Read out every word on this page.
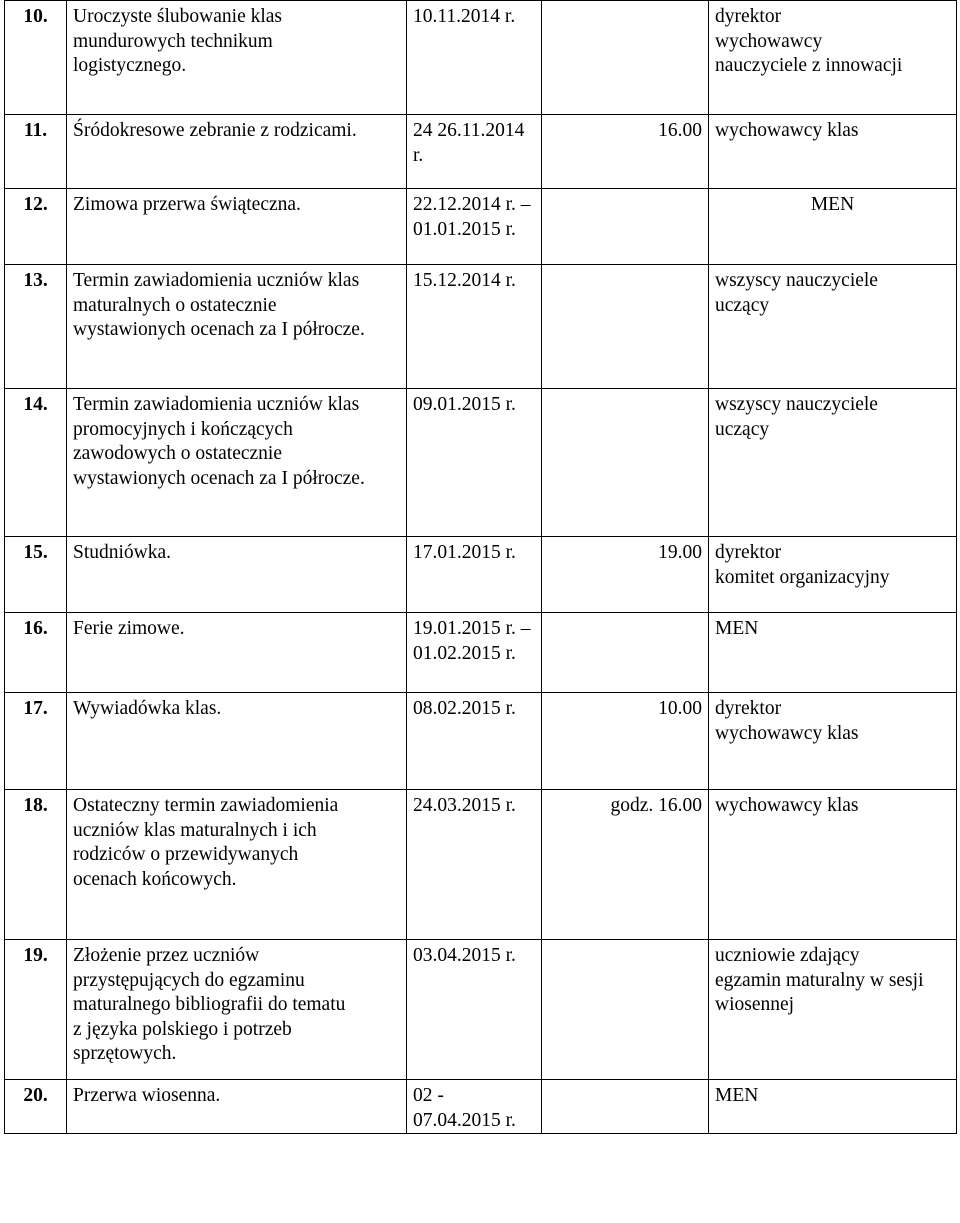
10.	Uroczyste ślubowanie klas
mundurowych technikum
logistycznego.	10.11.2014 r.		dyrektor
wychowawcy
nauczyciele z innowacji
11.	Śródokresowe zebranie z rodzicami.	24 26.11.2014 r.	16.00	wychowawcy klas
12.	Zimowa przerwa świąteczna.	22.12.2014 r. –
01.01.2015 r.		MEN
13.	Termin zawiadomienia uczniów klas
maturalnych o ostatecznie
wystawionych ocenach za I półrocze.	15.12.2014 r.		wszyscy nauczyciele
uczący
14.	Termin zawiadomienia uczniów klas
promocyjnych i kończących
zawodowych o ostatecznie
wystawionych ocenach za I półrocze.	09.01.2015 r.		wszyscy nauczyciele
uczący
15.	Studniówka.	17.01.2015 r.	19.00	dyrektor
komitet organizacyjny
16.	Ferie zimowe.	19.01.2015 r. –
01.02.2015 r.		MEN
17.	Wywiadówka klas.	08.02.2015 r.	10.00	dyrektor
wychowawcy klas
18.	Ostateczny termin zawiadomienia
uczniów klas maturalnych i ich
rodziców o przewidywanych
ocenach końcowych.	24.03.2015 r.	godz. 16.00	wychowawcy klas
19.	Złożenie przez uczniów
przystępujących do egzaminu
maturalnego bibliografii do tematu
z języka polskiego i potrzeb
sprzętowych.	03.04.2015 r.		uczniowie zdający
egzamin maturalny w sesji
wiosennej
20.	Przerwa wiosenna.	02 - 07.04.2015 r.		MEN
